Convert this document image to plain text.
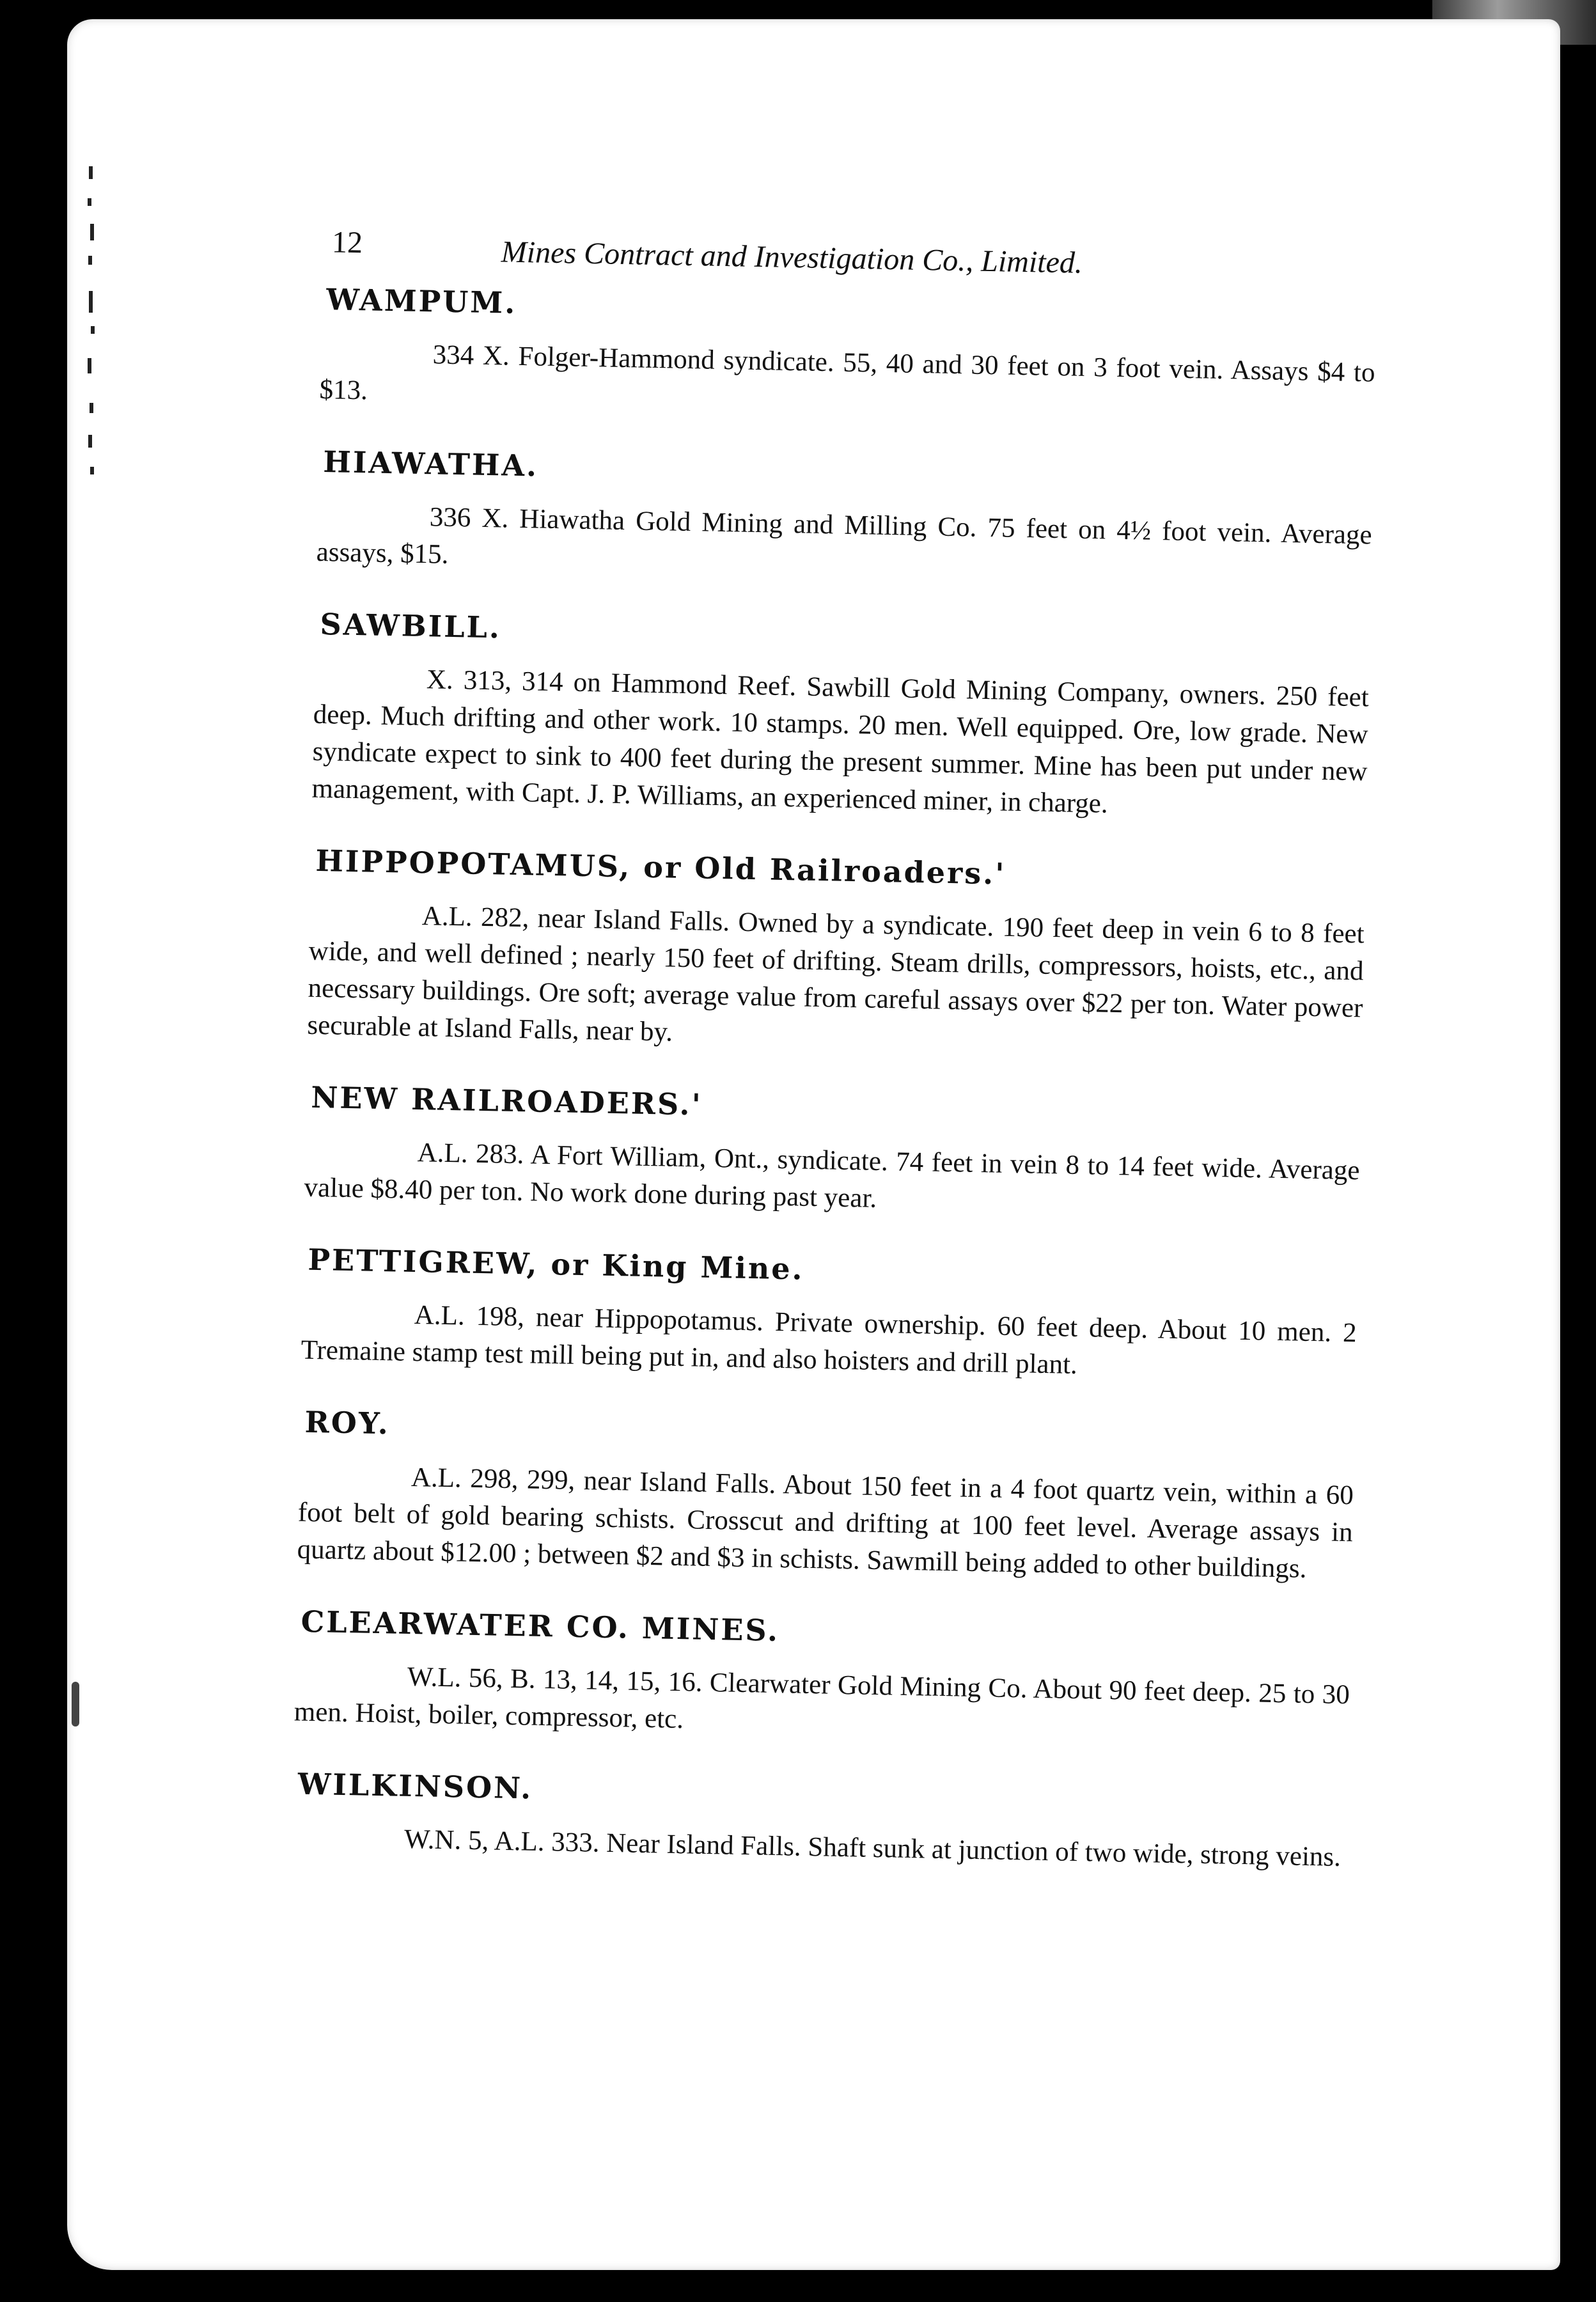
12	Mines Contract and Investigation Co., Limited.
WAMPUM.

334 X. Folger-Hammond syndicate. 55, 40 and 30 feet on 3 foot vein. Assays $4 to $13.

HIAWATHA.

336 X. Hiawatha Gold Mining and Milling Co. 75 feet on 4½ foot vein. Average assays, $15.

SAWBILL.

X. 313, 314 on Hammond Reef. Sawbill Gold Mining Company, owners. 250 feet deep. Much drifting and other work. 10 stamps. 20 men. Well equipped. Ore, low grade. New syndicate expect to sink to 400 feet during the present summer. Mine has been put under new management, with Capt. J. P. Williams, an experienced miner, in charge.

HIPPOPOTAMUS, or Old Railroaders.'

A.L. 282, near Island Falls. Owned by a syndicate. 190 feet deep in vein 6 to 8 feet wide, and well defined ; nearly 150 feet of drifting. Steam drills, compressors, hoists, etc., and necessary buildings. Ore soft; average value from careful assays over $22 per ton. Water power securable at Island Falls, near by.

NEW RAILROADERS.'

A.L. 283. A Fort William, Ont., syndicate. 74 feet in vein 8 to 14 feet wide. Average value $8.40 per ton. No work done during past year.

PETTIGREW, or King Mine.

A.L. 198, near Hippopotamus. Private ownership. 60 feet deep. About 10 men. 2 Tremaine stamp test mill being put in, and also hoisters and drill plant.

ROY.

A.L. 298, 299, near Island Falls. About 150 feet in a 4 foot quartz vein, within a 60 foot belt of gold bearing schists. Crosscut and drifting at 100 feet level. Average assays in quartz about $12.00 ; between $2 and $3 in schists. Sawmill being added to other buildings.

CLEARWATER CO. MINES.

W.L. 56, B. 13, 14, 15, 16. Clearwater Gold Mining Co. About 90 feet deep. 25 to 30 men. Hoist, boiler, compressor, etc.

WILKINSON.

W.N. 5, A.L. 333. Near Island Falls. Shaft sunk at junction of two wide, strong veins.
